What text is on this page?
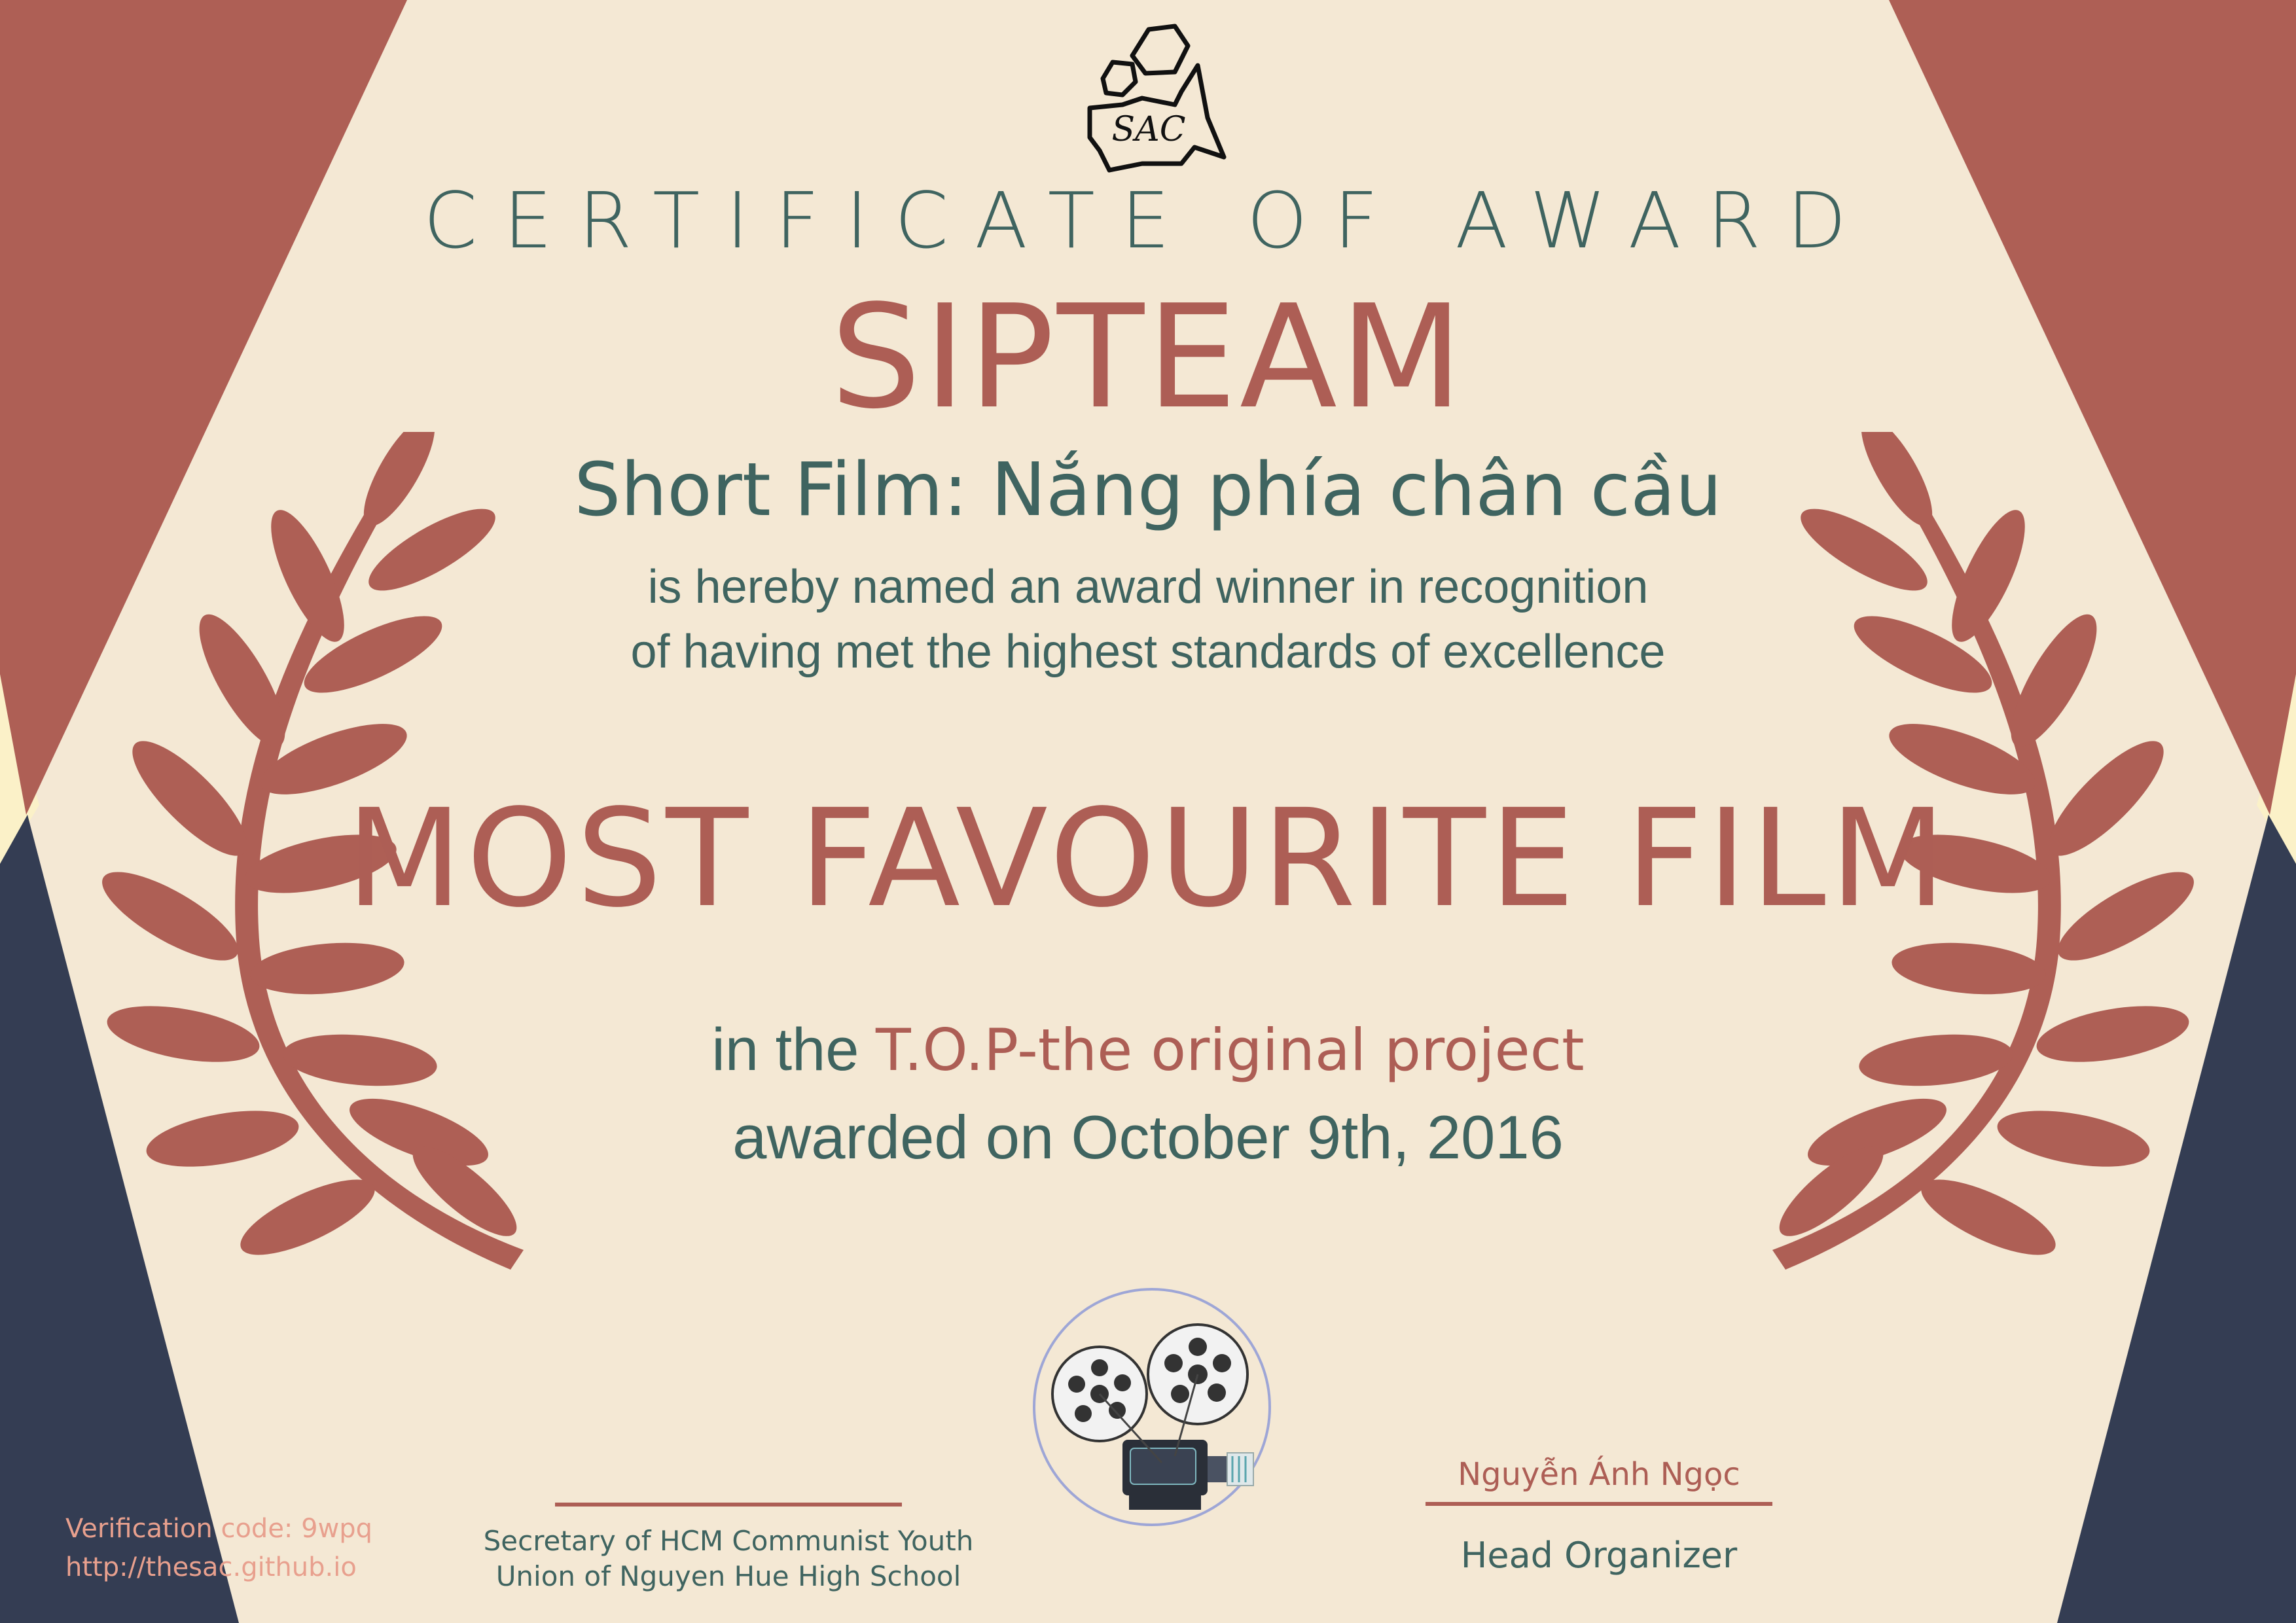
SAC
CERTIFICATE OF AWARD
SIPTEAM
Short Film: Nắng phía chân cầu
is hereby named an award winner in recognition
of having met the highest standards of excellence
MOST FAVOURITE FILM
in the T.O.P-the original project
awarded on October 9th, 2016
Secretary of HCM Communist Youth
Union of Nguyen Hue High School
Nguyễn Ánh Ngọc
Head Organizer
Verification code: 9wpq
http://thesac.github.io
